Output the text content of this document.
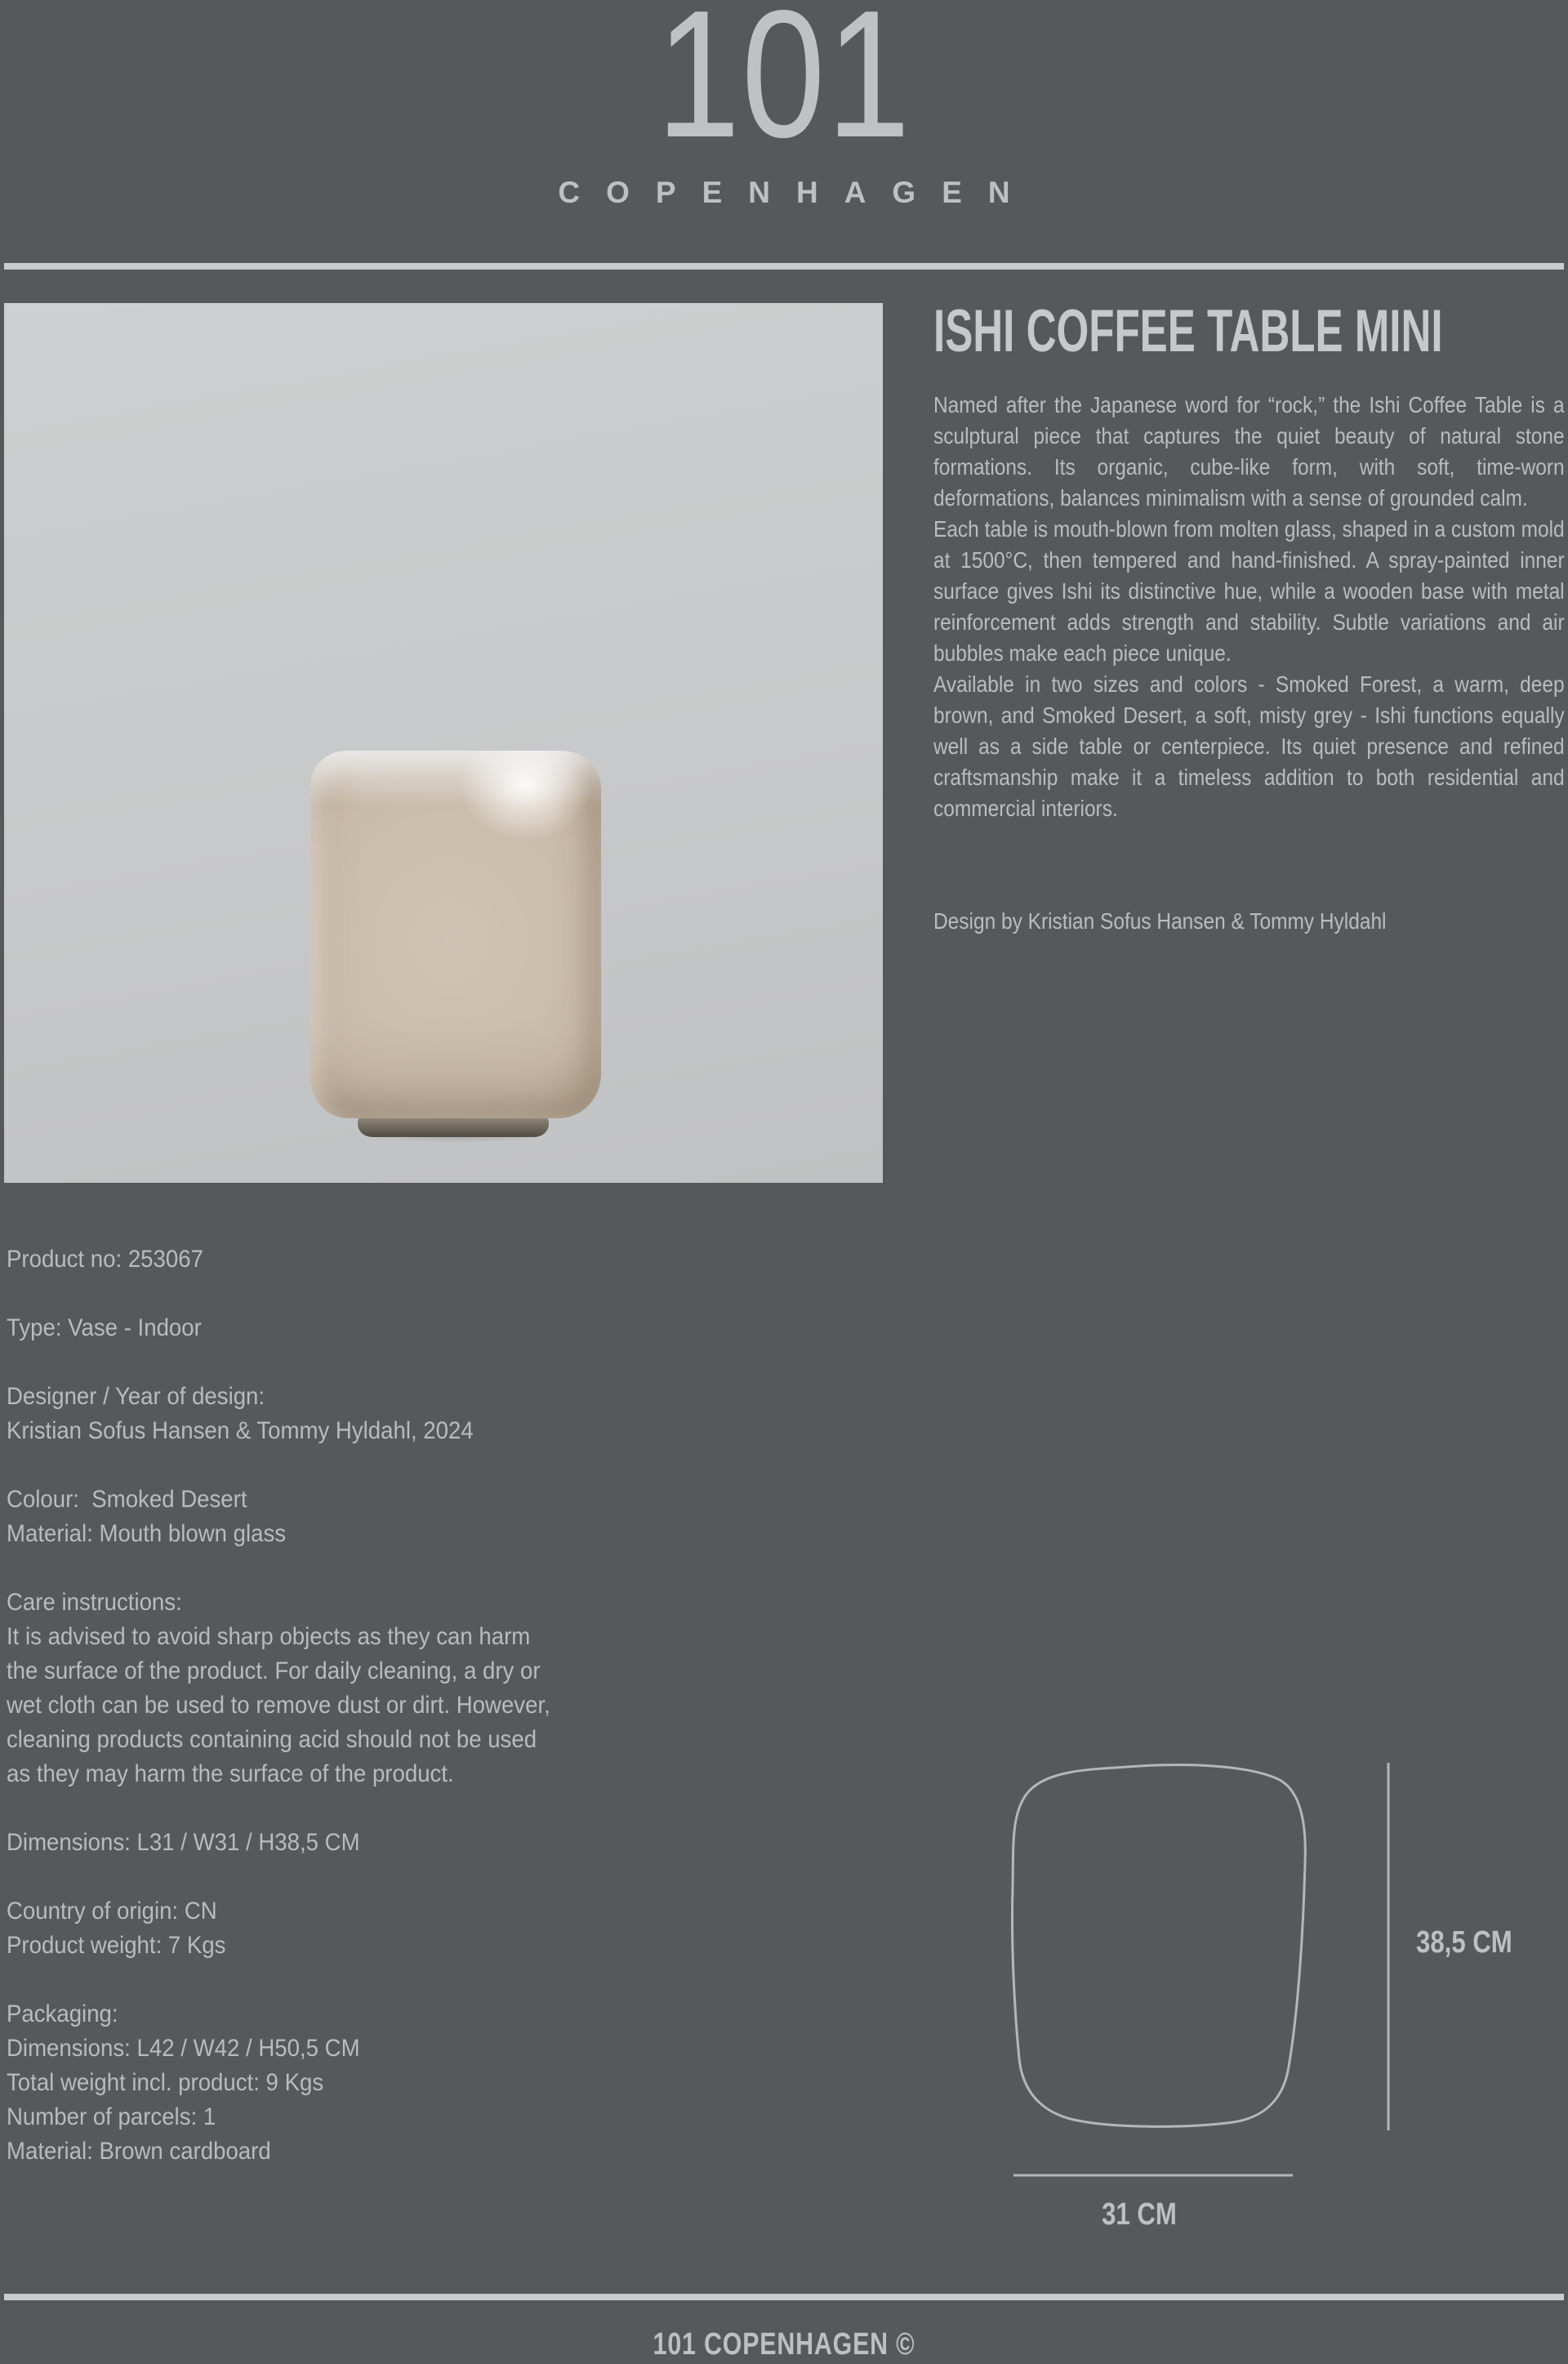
101
COPENHAGEN
ISHI COFFEE TABLE MINI

Named after the Japanese word for “rock,” the Ishi Coffee Table is a sculptural piece that captures the quiet beauty of natural stone formations. Its organic, cube-like form, with soft, time-worn deformations, balances minimalism with a sense of grounded calm.

Each table is mouth-blown from molten glass, shaped in a custom mold at 1500°C, then tempered and hand-finished. A spray-painted inner surface gives Ishi its distinctive hue, while a wooden base with metal reinforcement adds strength and stability. Subtle variations and air bubbles make each piece unique.

Available in two sizes and colors - Smoked Forest, a warm, deep brown, and Smoked Desert, a soft, misty grey - Ishi functions equally well as a side table or centerpiece. Its quiet presence and refined craftsmanship make it a timeless addition to both residential and commercial interiors.

Design by Kristian Sofus Hansen & Tommy Hyldahl
Product no: 253067
Type: Vase - Indoor
Designer / Year of design:
Kristian Sofus Hansen & Tommy Hyldahl, 2024
Colour:  Smoked Desert
Material: Mouth blown glass
Care instructions:
It is advised to avoid sharp objects as they can harm the surface of the product. For daily cleaning, a dry or wet cloth can be used to remove dust or dirt. However, cleaning products containing acid should not be used as they may harm the surface of the product.
Dimensions: L31 / W31 / H38,5 CM
Country of origin: CN
Product weight: 7 Kgs
Packaging:
Dimensions: L42 / W42 / H50,5 CM
Total weight incl. product: 9 Kgs
Number of parcels: 1
Material: Brown cardboard
38,5 CM
31 CM
101 COPENHAGEN ©
